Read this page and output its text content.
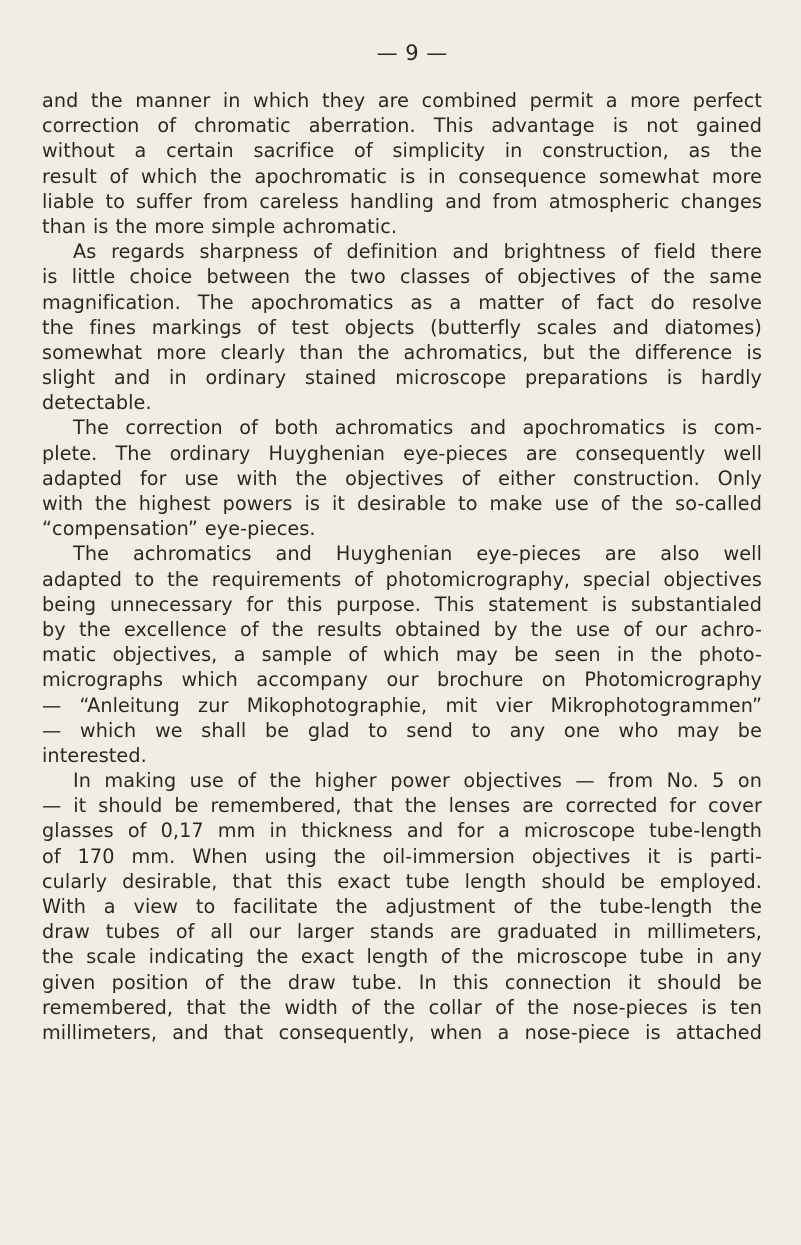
— 9 —
and the manner in which they are combined permit a more perfect
correction of chromatic aberration. This advantage is not gained
without a certain sacrifice of simplicity in construction, as the
result of which the apochromatic is in consequence somewhat more
liable to suffer from careless handling and from atmospheric changes
than is the more simple achromatic.
As regards sharpness of definition and brightness of field there
is little choice between the two classes of objectives of the same
magnification. The apochromatics as a matter of fact do resolve
the fines markings of test objects (butterfly scales and diatomes)
somewhat more clearly than the achromatics, but the difference is
slight and in ordinary stained microscope preparations is hardly
detectable.
The correction of both achromatics and apochromatics is com-
plete. The ordinary Huyghenian eye-pieces are consequently well
adapted for use with the objectives of either construction. Only
with the highest powers is it desirable to make use of the so-called
“compensation” eye-pieces.
The achromatics and Huyghenian eye-pieces are also well
adapted to the requirements of photomicrography, special objectives
being unnecessary for this purpose. This statement is substantialed
by the excellence of the results obtained by the use of our achro-
matic objectives, a sample of which may be seen in the photo-
micrographs which accompany our brochure on Photomicrography
— “Anleitung zur Mikophotographie, mit vier Mikrophotogrammen”
— which we shall be glad to send to any one who may be
interested.
In making use of the higher power objectives — from No. 5 on
— it should be remembered, that the lenses are corrected for cover
glasses of 0,17 mm in thickness and for a microscope tube-length
of 170 mm. When using the oil-immersion objectives it is parti-
cularly desirable, that this exact tube length should be employed.
With a view to facilitate the adjustment of the tube-length the
draw tubes of all our larger stands are graduated in millimeters,
the scale indicating the exact length of the microscope tube in any
given position of the draw tube. In this connection it should be
remembered, that the width of the collar of the nose-pieces is ten
millimeters, and that consequently, when a nose-piece is attached
